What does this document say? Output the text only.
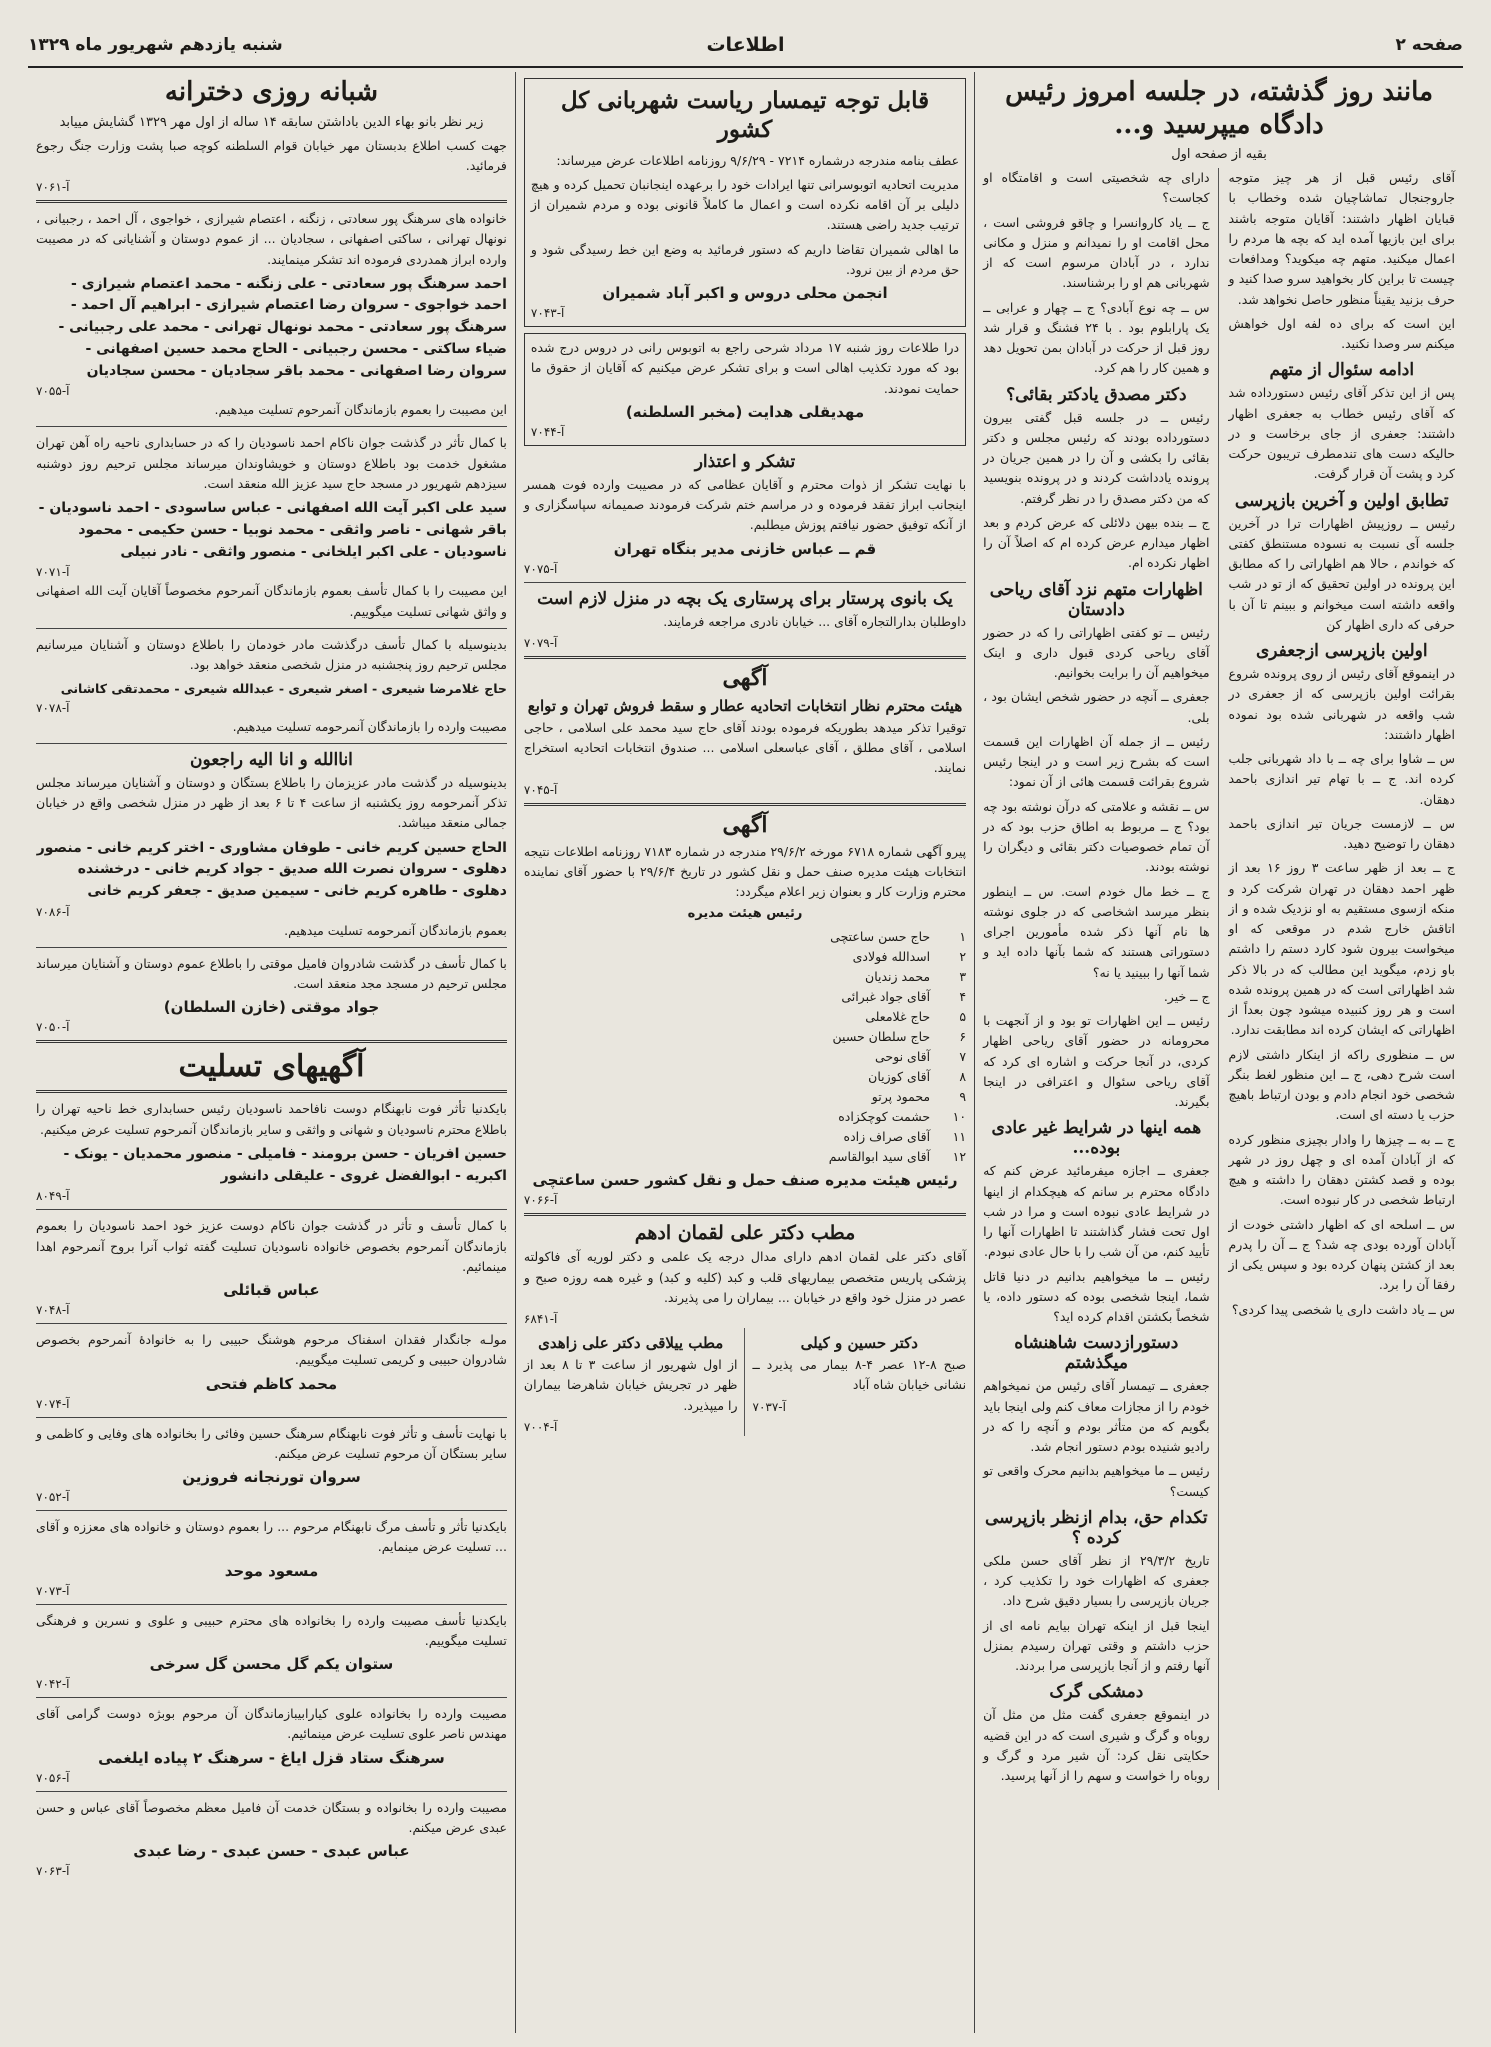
صفحه ۲
اطلاعات
شنبه یازدهم شهریور ماه ۱۳۲۹
مانند روز گذشته، در جلسه امروز رئیس دادگاه میپرسید و...
بقیه از صفحه اول

آقای رئیس قبل از هر چیز متوجه جاروجنجال تماشاچیان شده وخطاب با قبایان اظهار داشتند: آقایان متوجه باشند برای این بازیها آمده اید که بچه ها مردم را اعمال میکنید. متهم چه میکوید؟ ومدافعات چیست تا براین کار بخواهید سرو صدا کنید و حرف بزنید یقیناً منظور حاصل نخواهد شد.

این است که برای ده لفه اول خواهش میکنم سر وصدا نکنید.

ادامه سئوال از متهم

پس از این تذکر آقای رئیس دستورداده شد که آقای رئیس خطاب به جعفری اظهار داشتند: جعفری از جای برخاست و در حالیکه دست های تندمطرف تریبون حرکت کرد و پشت آن قرار گرفت.

تطابق اولین و آخرین بازپرسی

رئیس ــ روزپیش اظهارات ترا در آخرین جلسه آی نسبت به نسوده مستنطق کفتی که خواندم ، حالا هم اظهاراتی را که مطابق این پرونده در اولین تحقیق که از تو در شب واقعه داشته است میخوانم و ببینم تا آن با حرفی که داری اظهار کن

اولین بازپرسی ازجعفری

در اینموقع آقای رئیس از روی پرونده شروع بقرائت اولین بازپرسی که از جعفری در شب واقعه در شهربانی شده بود نموده اظهار داشتند:

س ــ شاوا برای چه ــ با داد شهربانی جلب کرده اند. ج ــ با تهام تیر اندازی باحمد دهقان.

س ــ لازمست جریان تیر اندازی باحمد دهقان را توضیح دهید.

ج ــ بعد از ظهر ساعت ۳ روز ۱۶ بعد از ظهر احمد دهقان در تهران شرکت کرد و منکه ازسوی مستقیم به او نزدیک شده و از اتاقش خارج شدم در موقعی که او میخواست بیرون شود کارد دستم را داشتم باو زدم، میگوید این مطالب که در بالا ذکر شد اظهاراتی است که در همین پرونده شده است و هر روز کنبیده میشود چون بعداً از اظهاراتی که ایشان کرده اند مطابقت ندارد.

س ــ منظوری راکه از اینکار داشتی لازم است شرح دهی، ج ــ این منظور لغط بنگر شخصی خود انجام دادم و بودن ارتباط باهیچ حزب یا دسته ای است.

ج ــ به ــ چیزها را وادار بچیزی منظور کرده که از آبادان آمده ای و چهل روز در شهر بوده و قصد کشتن دهقان را داشته و هیچ ارتباط شخصی در کار نبوده است.

س ــ اسلحه ای که اظهار داشتی خودت از آبادان آورده بودی چه شد؟ ج ــ آن را پدرم بعد از کشتن پنهان کرده بود و سپس یکی از رفقا آن را برد.

س ــ یاد داشت داری یا شخصی پیدا کردی؟

دارای چه شخصیتی است و اقامتگاه او کجاست؟

ج ــ یاد کاروانسرا و چاقو فروشی است ، محل اقامت او را نمیدانم و منزل و مکانی ندارد ، در آبادان مرسوم است که از شهربانی هم او را برشناسند.

س ــ چه نوع آبادی؟ ج ــ چهار و عرابی ــ یک پارابلوم بود . با ۲۴ فشنگ و قرار شد روز قبل از حرکت در آبادان بمن تحویل دهد و همین کار را هم کرد.

دکتر مصدق یادکتر بقائی؟

رئیس ــ در جلسه قبل گفتی بیرون دستورداده بودند که رئیس مجلس و دکتر بقائی را بکشی و آن را در همین جریان در پرونده یادداشت کردند و در پرونده بنویسید که من دکتر مصدق را در نظر گرفتم.

ج ــ بنده بیهن دلائلی که عرض کردم و بعد اظهار میدارم عرض کرده ام که اصلاً آن را اظهار نکرده ام.

اظهارات متهم نزد آقای ریاحی دادستان

رئیس ــ تو کفتی اظهاراتی را که در حضور آقای ریاحی کردی قبول داری و اینک میخواهیم آن را برایت بخوانیم.

جعفری ــ آنچه در حضور شخص ایشان بود ، بلی.

رئیس ــ از جمله آن اظهارات این قسمت است که بشرح زیر است و در اینجا رئیس شروع بقرائت قسمت هائی از آن نمود:

س ــ نقشه و علامتی که درآن نوشته بود چه بود؟ ج ــ مربوط به اطاق حزب بود که در آن تمام خصوصیات دکتر بقائی و دیگران را نوشته بودند.

ج ــ خط مال خودم است. س ــ اینطور بنظر میرسد اشخاصی که در جلوی نوشته ها نام آنها ذکر شده مأمورین اجرای دستوراتی هستند که شما بآنها داده اید و شما آنها را ببینید یا نه؟

ج ــ خیر.

رئیس ــ این اظهارات تو بود و از آنجهت با محرومانه در حضور آقای ریاحی اظهار کردی، در آنجا حرکت و اشاره ای کرد که آقای ریاحی سئوال و اعترافی در اینجا بگیرند.

همه اینها در شرایط غیر عادی بوده...

جعفری ــ اجازه میفرمائید عرض کنم که دادگاه محترم بر سانم که هیچکدام از اینها در شرایط عادی نبوده است و مرا در شب اول تحت فشار گذاشتند تا اظهارات آنها را تأیید کنم، من آن شب را با حال عادی نبودم.

رئیس ــ ما میخواهیم بدانیم در دنیا قاتل شما، اینجا شخصی بوده که دستور داده، یا شخصاً بکشتن اقدام کرده اید؟

دستورازدست شاهنشاه میگذشتم

جعفری ــ تیمسار آقای رئیس من نمیخواهم خودم را از مجازات معاف کنم ولی اینجا باید بگویم که من متأثر بودم و آنچه را که در رادیو شنیده بودم دستور انجام شد.

رئیس ــ ما میخواهیم بدانیم محرک واقعی تو کیست؟

تکدام حق، بدام ازنظر بازپرسی کرده ؟

تاریخ ۲۹/۳/۲ از نظر آقای حسن ملکی جعفری که اظهارات خود را تکذیب کرد ، جریان بازپرسی را بسیار دقیق شرح داد.

اینجا قبل از اینکه تهران بیایم نامه ای از حزب داشتم و وقتی تهران رسیدم بمنزل آنها رفتم و از آنجا بازپرسی مرا بردند.

دمشکی گرک

در اینموقع جعفری گفت مثل من مثل آن روباه و گرگ و شیری است که در این قضیه حکایتی نقل کرد: آن شیر مرد و گرگ و روباه را خواست و سهم را از آنها پرسید.

قابل توجه تیمسار ریاست شهربانی کل کشور

عطف بنامه مندرجه درشماره ۷۲۱۴ - ۹/۶/۲۹ روزنامه اطلاعات عرض میرساند:

مدیریت اتحادیه اتوبوسرانی تنها ایرادات خود را برعهده اینجانبان تحمیل کرده و هیچ دلیلی بر آن اقامه نکرده است و اعمال ما کاملاً قانونی بوده و مردم شمیران از ترتیب جدید راضی هستند.

ما اهالی شمیران تقاضا داریم که دستور فرمائید به وضع این خط رسیدگی شود و حق مردم از بین نرود.

انجمن محلی دروس و اکبر آباد شمیران
۷۰۴۳-آ

درا طلاعات روز شنبه ۱۷ مرداد شرحی راجع به اتوبوس رانی در دروس درج شده بود که مورد تکذیب اهالی است و برای تشکر عرض میکنیم که آقایان از حقوق ما حمایت نمودند.

مهدیقلی هدایت (مخبر السلطنه)
۷۰۴۴-آ
تشکر و اعتذار

با نهایت تشکر از ذوات محترم و آقایان عظامی که در مصیبت وارده فوت همسر اینجانب ابراز تفقد فرموده و در مراسم ختم شرکت فرمودند صمیمانه سپاسگزاری و از آنکه توفیق حضور نیافتم پوزش میطلبم.

قم ــ عباس خازنی مدیر بنگاه تهران
۷۰۷۵-آ
یک بانوی پرستار برای پرستاری یک بچه در منزل لازم است

داوطلبان بدارالتجاره آقای ... خیابان نادری مراجعه فرمایند.

۷۰۷۹-آ
آگهی
هیئت محترم نظار انتخابات اتحادیه عطار و سقط فروش تهران و توابع

توقیرا تذکر میدهد بطوریکه فرموده بودند آقای حاج سید محمد علی اسلامی ، حاجی اسلامی ، آقای مطلق ، آقای عباسعلی اسلامی ... صندوق انتخابات اتحادیه استخراج نمایند.

۷۰۴۵-آ
آگهی

پیرو آگهی شماره ۶۷۱۸ مورخه ۲۹/۶/۲ مندرجه در شماره ۷۱۸۳ روزنامه اطلاعات نتیجه انتخابات هیئت مدیره صنف حمل و نقل کشور در تاریخ ۲۹/۶/۴ با حضور آقای نماینده محترم وزارت کار و بعنوان زیر اعلام میگردد:

رئیس هیئت مدیره
۱
حاج حسن ساعتچی
۲
اسدالله فولادی
۳
محمد زندیان
۴
آقای جواد غبرائی
۵
حاج غلامعلی
۶
حاج سلطان حسین
۷
آقای نوحی
۸
آقای کوزیان
۹
محمود پرتو
۱۰
حشمت کوچکزاده
۱۱
آقای صراف زاده
۱۲
آقای سید ابوالقاسم
رئیس هیئت مدیره صنف حمل و نقل کشور حسن ساعتچی
۷۰۶۶-آ
مطب دکتر علی لقمان ادهم

آقای دکتر علی لقمان ادهم دارای مدال درجه یک علمی و دکتر لوریه آی فاکولته پزشکی پاریس متخصص بیماریهای قلب و کبد (کلیه و کبد) و غیره همه روزه صبح و عصر در منزل خود واقع در خیابان ... بیماران را می پذیرند.

۶۸۴۱-آ
دکتر حسین و کیلی

صبح ۸-۱۲ عصر ۴-۸ بیمار می پذیرد ــ نشانی خیابان شاه آباد

۷۰۳۷-آ
مطب ییلاقی دکتر علی زاهدی

از اول شهریور از ساعت ۳ تا ۸ بعد از ظهر در تجریش خیابان شاهرضا بیماران را میپذیرد.

۷۰۰۴-آ
شبانه روزی دخترانه
زیر نظر بانو بهاء الدین باداشتن سابقه ۱۴ ساله از اول مهر ۱۳۲۹ گشایش مییابد

جهت کسب اطلاع بدبستان مهر خیابان قوام السلطنه کوچه صبا پشت وزارت جنگ رجوع فرمائید.

۷۰۶۱-آ

خانواده های سرهنگ پور سعادتی ، زنگنه ، اعتصام شیرازی ، خواجوی ، آل احمد ، رجبیانی ، نونهال تهرانی ، ساکتی اصفهانی ، سجادیان ... از عموم دوستان و آشنایانی که در مصیبت وارده ابراز همدردی فرموده اند تشکر مینمایند.

احمد سرهنگ پور سعادتی - علی زنگنه - محمد اعتصام شیرازی - احمد خواجوی - سروان رضا اعتصام شیرازی - ابراهیم آل احمد - سرهنگ پور سعادتی - محمد نونهال تهرانی - محمد علی رجبیانی - ضیاء ساکتی - محسن رجبیانی - الحاج محمد حسین اصفهانی - سروان رضا اصفهانی - محمد باقر سجادیان - محسن سجادیان
۷۰۵۵-آ

این مصیبت را بعموم بازماندگان آنمرحوم تسلیت میدهیم.

با کمال تأثر در گذشت جوان ناکام احمد ناسودیان را که در حسابداری ناحیه راه آهن تهران مشغول خدمت بود باطلاع دوستان و خویشاوندان میرساند مجلس ترحیم روز دوشنبه سیزدهم شهریور در مسجد حاج سید عزیز الله منعقد است.

سید علی اکبر آیت الله اصفهانی - عباس ساسودی - احمد ناسودیان - باقر شهانی - ناصر واثقی - محمد نوبیا - حسن حکیمی - محمود ناسودیان - علی اکبر ایلخانی - منصور واثقی - نادر نبیلی
۷۰۷۱-آ

این مصیبت را با کمال تأسف بعموم بازماندگان آنمرحوم مخصوصاً آقایان آیت الله اصفهانی و واثق شهانی تسلیت میگوییم.

بدینوسیله با کمال تأسف درگذشت مادر خودمان را باطلاع دوستان و آشنایان میرسانیم مجلس ترحیم روز پنجشنبه در منزل شخصی منعقد خواهد بود.

حاج غلامرضا شیعری - اصغر شیعری - عبدالله شیعری - محمدتقی کاشانی
۷۰۷۸-آ

مصیبت وارده را بازماندگان آنمرحومه تسلیت میدهیم.

اناالله و انا الیه راجعون

بدینوسیله در گذشت مادر عزیزمان را باطلاع بستگان و دوستان و آشنایان میرساند مجلس تذکر آنمرحومه روز یکشنبه از ساعت ۴ تا ۶ بعد از ظهر در منزل شخصی واقع در خیابان جمالی منعقد میباشد.

الحاج حسین کریم خانی - طوفان مشاوری - اختر کریم خانی - منصور دهلوی - سروان نصرت الله صدیق - جواد کریم خانی - درخشنده دهلوی - طاهره کریم خانی - سیمین صدیق - جعفر کریم خانی
۷۰۸۶-آ

بعموم بازماندگان آنمرحومه تسلیت میدهیم.

با کمال تأسف در گذشت شادروان فامیل موقتی را باطلاع عموم دوستان و آشنایان میرساند مجلس ترحیم در مسجد مجد منعقد است.

جواد موقتی (خازن السلطان)
۷۰۵۰-آ
آگهیهای تسلیت

بایکدنیا تأثر فوت نابهنگام دوست نافاحمد ناسودیان رئیس حسابداری خط ناحیه تهران را باطلاع محترم ناسودیان و شهانی و واثقی و سایر بازماندگان آنمرحوم تسلیت عرض میکنیم.

حسین افریان - حسن برومند - فامیلی - منصور محمدیان - یونک - اکبریه - ابوالفضل غروی - علیقلی دانشور
۸۰۴۹-آ

با کمال تأسف و تأثر در گذشت جوان ناکام دوست عزیز خود احمد ناسودیان را بعموم بازماندگان آنمرحوم بخصوص خانواده ناسودیان تسلیت گفته ثواب آنرا بروح آنمرحوم اهدا مینمائیم.

عباس قبائلی
۷۰۴۸-آ

مولـه جانگدار فقدان اسفناک مرحوم هوشنگ حبیبی را به خانوادۀ آنمرحوم بخصوص شادروان حبیبی و کریمی تسلیت میگوییم.

محمد کاظم فتحی
۷۰۷۴-آ

با نهایت تأسف و تأثر فوت نابهنگام سرهنگ حسین وفائی را بخانواده های وفایی و کاظمی و سایر بستگان آن مرحوم تسلیت عرض میکنم.

سروان تورنجانه فروزین
۷۰۵۲-آ

بایکدنیا تأثر و تأسف مرگ نابهنگام مرحوم ... را بعموم دوستان و خانواده های معززه و آقای ... تسلیت عرض مینمایم.

مسعود موحد
۷۰۷۳-آ

بایکدنیا تأسف مصیبت وارده را بخانواده های محترم حبیبی و علوی و نسرین و فرهنگی تسلیت میگوییم.

ستوان یکم گل محسن گل سرخی
۷۰۴۲-آ

مصیبت وارده را بخانواده علوی کیارابیبازماندگان آن مرحوم بوبژه دوست گرامی آقای مهندس ناصر علوی تسلیت عرض مینمائیم.

سرهنگ ستاد قزل ایاغ - سرهنگ ۲ پیاده ایلغمی
۷۰۵۶-آ

مصیبت وارده را بخانواده و بستگان خدمت آن فامیل معظم مخصوصاً آقای عباس و حسن عبدی عرض میکنم.

عباس عبدی - حسن عبدی - رضا عبدی
۷۰۶۳-آ
